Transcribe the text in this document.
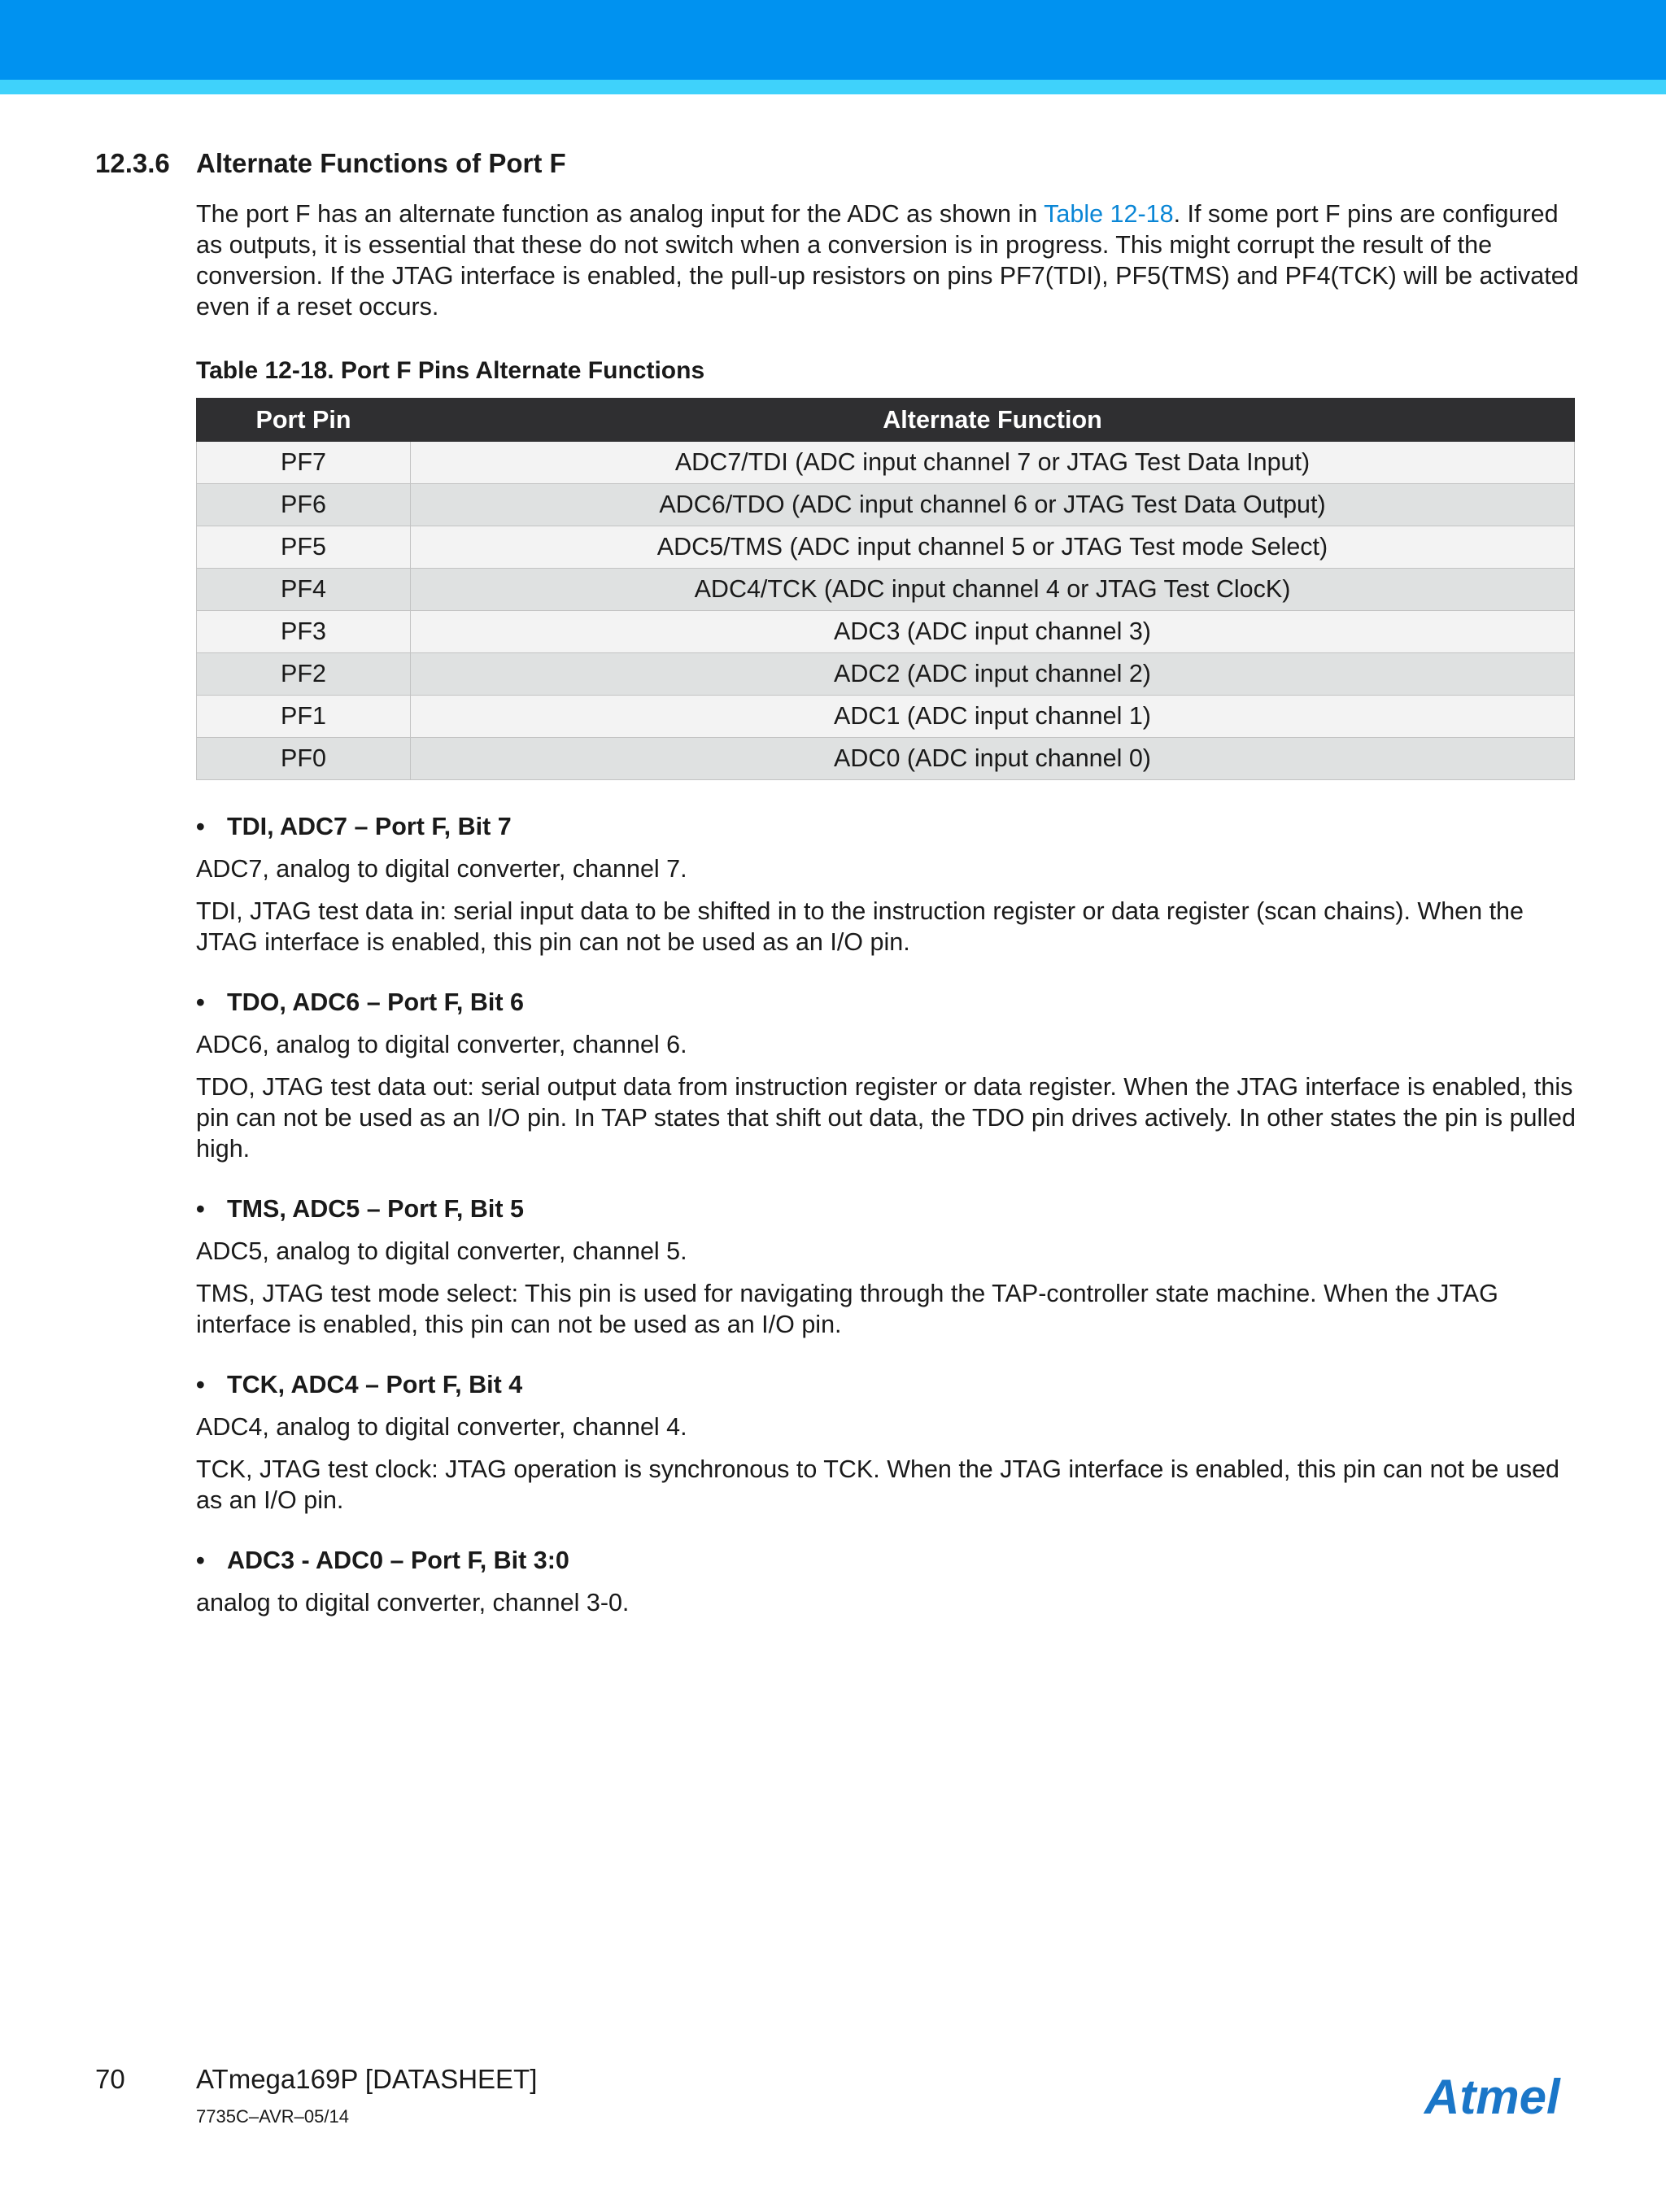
12.3.6 Alternate Functions of Port F

The port F has an alternate function as analog input for the ADC as shown in Table 12-18. If some port F pins are configured as outputs, it is essential that these do not switch when a conversion is in progress. This might corrupt the result of the conversion. If the JTAG interface is enabled, the pull-up resistors on pins PF7(TDI), PF5(TMS) and PF4(TCK) will be activated even if a reset occurs.

Table 12-18. Port F Pins Alternate Functions
Port Pin	Alternate Function
PF7	ADC7/TDI (ADC input channel 7 or JTAG Test Data Input)
PF6	ADC6/TDO (ADC input channel 6 or JTAG Test Data Output)
PF5	ADC5/TMS (ADC input channel 5 or JTAG Test mode Select)
PF4	ADC4/TCK (ADC input channel 4 or JTAG Test ClocK)
PF3	ADC3 (ADC input channel 3)
PF2	ADC2 (ADC input channel 2)
PF1	ADC1 (ADC input channel 1)
PF0	ADC0 (ADC input channel 0)
• TDI, ADC7 – Port F, Bit 7

ADC7, analog to digital converter, channel 7.

TDI, JTAG test data in: serial input data to be shifted in to the instruction register or data register (scan chains). When the JTAG interface is enabled, this pin can not be used as an I/O pin.

• TDO, ADC6 – Port F, Bit 6

ADC6, analog to digital converter, channel 6.

TDO, JTAG test data out: serial output data from instruction register or data register. When the JTAG interface is enabled, this pin can not be used as an I/O pin. In TAP states that shift out data, the TDO pin drives actively. In other states the pin is pulled high.

• TMS, ADC5 – Port F, Bit 5

ADC5, analog to digital converter, channel 5.

TMS, JTAG test mode select: This pin is used for navigating through the TAP-controller state machine. When the JTAG interface is enabled, this pin can not be used as an I/O pin.

• TCK, ADC4 – Port F, Bit 4

ADC4, analog to digital converter, channel 4.

TCK, JTAG test clock: JTAG operation is synchronous to TCK. When the JTAG interface is enabled, this pin can not be used as an I/O pin.

• ADC3 - ADC0 – Port F, Bit 3:0

analog to digital converter, channel 3-0.

70	ATmega169P [DATASHEET]
7735C–AVR–05/14	Atmel
